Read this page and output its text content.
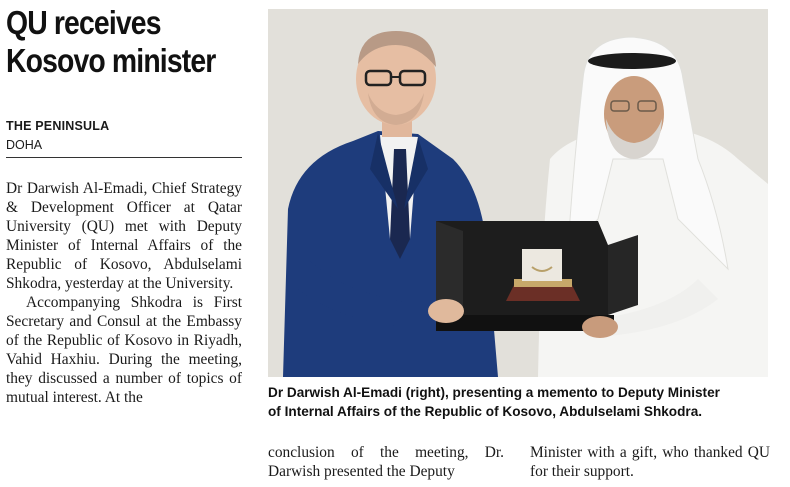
QU receives
Kosovo minister
THE PENINSULA
DOHA

Dr Darwish Al-Emadi, Chief Strategy & Development Officer at Qatar University (QU) met with Deputy Minister of Internal Affairs of the Republic of Kosovo, Abdulselami Shkodra, yesterday at the University.

Accompanying Shkodra is First Secretary and Consul at the Embassy of the Republic of Kosovo in Riyadh, Vahid Haxhiu. During the meeting, they discussed a number of topics of mutual interest. At the	Dr Darwish Al-Emadi (right), presenting a memento to Deputy Minister
of Internal Affairs of the Republic of Kosovo, Abdulselami Shkodra.

conclusion of the meeting, Dr. Darwish presented the Deputy

Minister with a gift, who thanked QU for their support.
